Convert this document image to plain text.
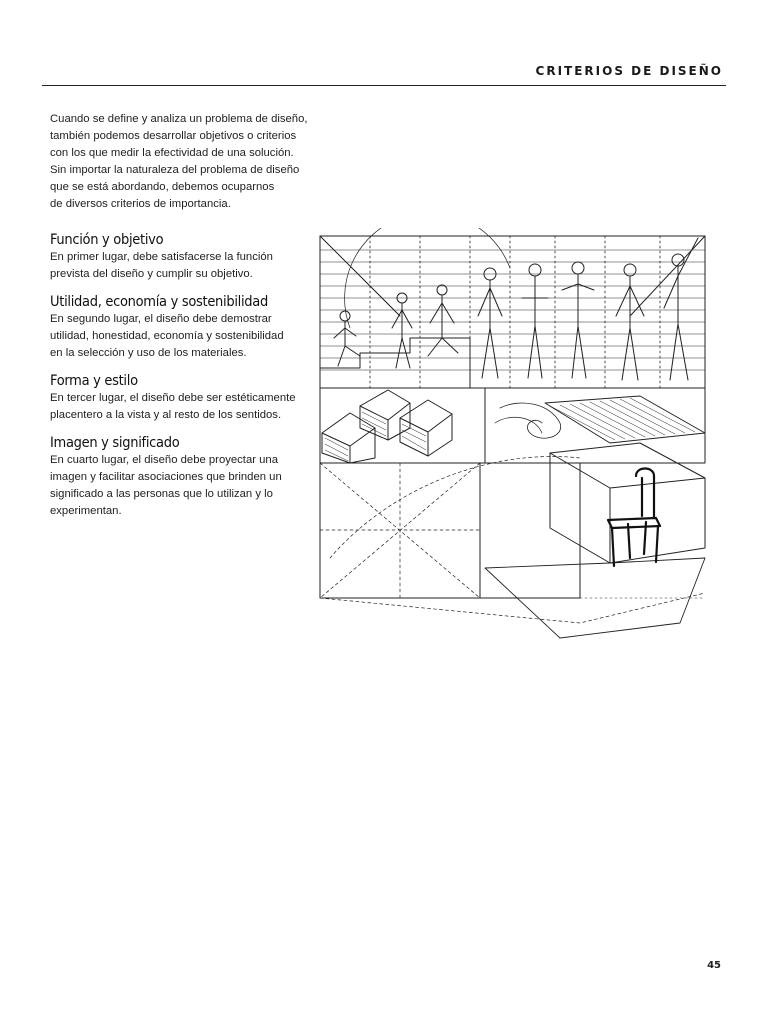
CRITERIOS DE DISEÑO
Cuando se define y analiza un problema de diseño,
también podemos desarrollar objetivos o criterios
con los que medir la efectividad de una solución.
Sin importar la naturaleza del problema de diseño
que se está abordando, debemos ocuparnos
de diversos criterios de importancia.
Función y objetivo

En primer lugar, debe satisfacerse la función
prevista del diseño y cumplir su objetivo.

Utilidad, economía y sostenibilidad

En segundo lugar, el diseño debe demostrar
utilidad, honestidad, economía y sostenibilidad
en la selección y uso de los materiales.

Forma y estilo

En tercer lugar, el diseño debe ser estéticamente
placentero a la vista y al resto de los sentidos.

Imagen y significado

En cuarto lugar, el diseño debe proyectar una
imagen y facilitar asociaciones que brinden un
significado a las personas que lo utilizan y lo
experimentan.

45
